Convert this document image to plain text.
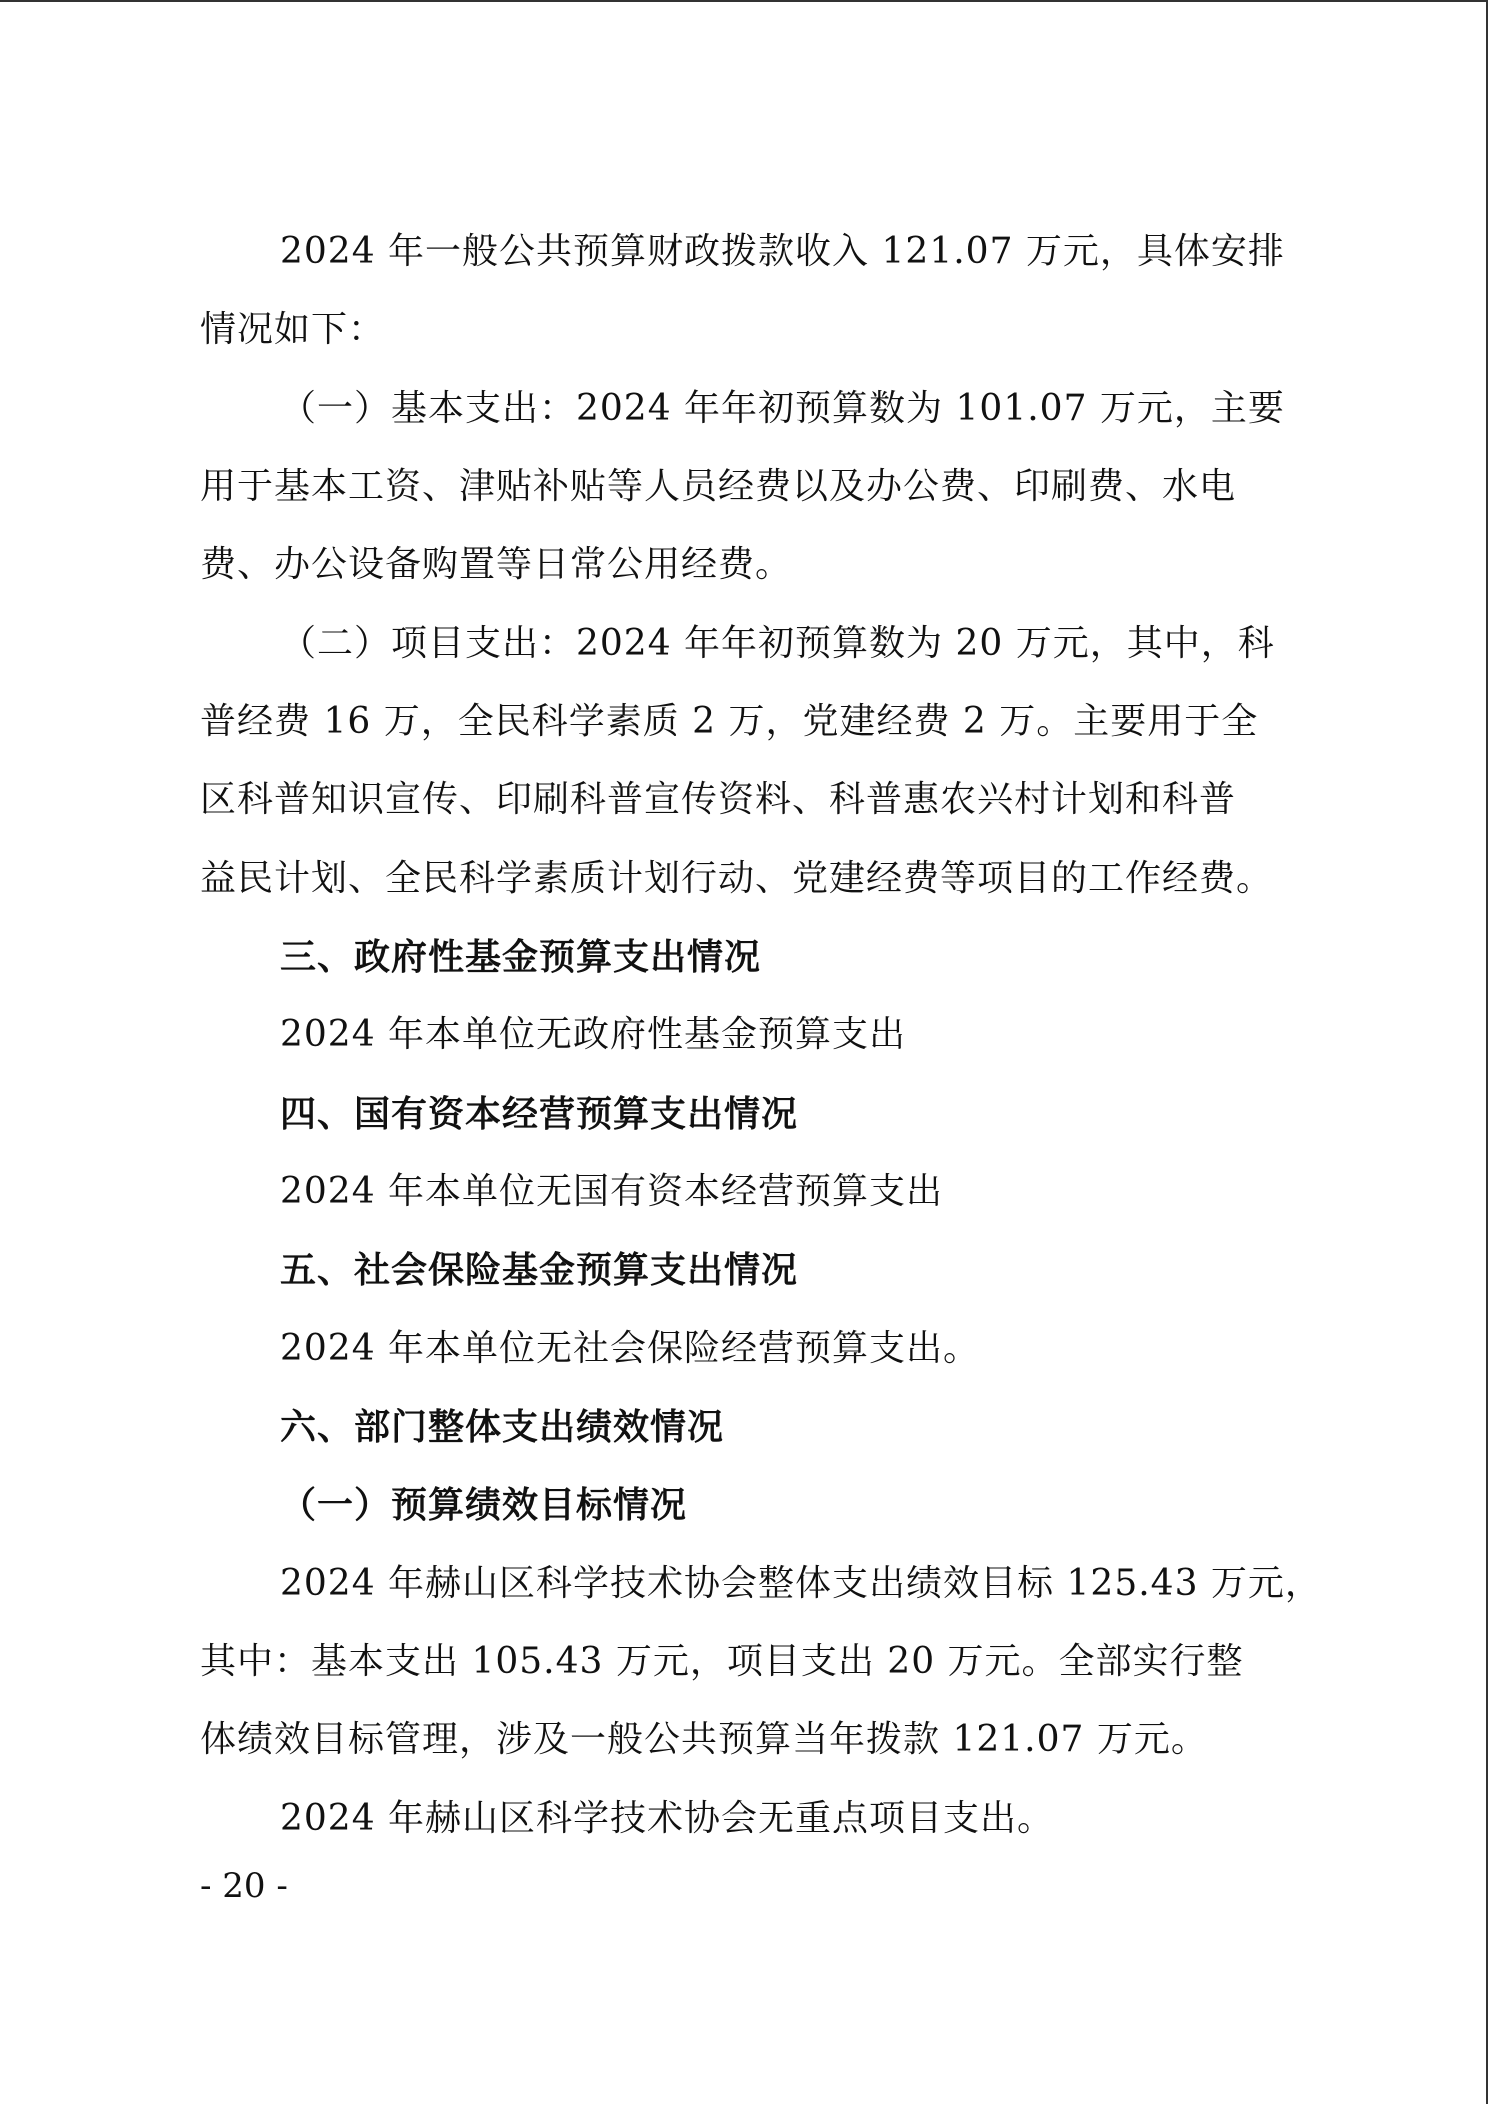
2024 年一般公共预算财政拨款收入 121.07 万元，具体安排
情况如下：
（一）基本支出：2024 年年初预算数为 101.07 万元，主要
用于基本工资、津贴补贴等人员经费以及办公费、印刷费、水电
费、办公设备购置等日常公用经费。
（二）项目支出：2024 年年初预算数为 20 万元，其中，科
普经费 16 万，全民科学素质 2 万，党建经费 2 万。主要用于全
区科普知识宣传、印刷科普宣传资料、科普惠农兴村计划和科普
益民计划、全民科学素质计划行动、党建经费等项目的工作经费。
三、政府性基金预算支出情况
2024 年本单位无政府性基金预算支出
四、国有资本经营预算支出情况
2024 年本单位无国有资本经营预算支出
五、社会保险基金预算支出情况
2024 年本单位无社会保险经营预算支出。
六、部门整体支出绩效情况
（一）预算绩效目标情况
2024 年赫山区科学技术协会整体支出绩效目标 125.43 万元，
其中：基本支出 105.43 万元，项目支出 20 万元。全部实行整
体绩效目标管理，涉及一般公共预算当年拨款 121.07 万元。
2024 年赫山区科学技术协会无重点项目支出。
- 20 -
